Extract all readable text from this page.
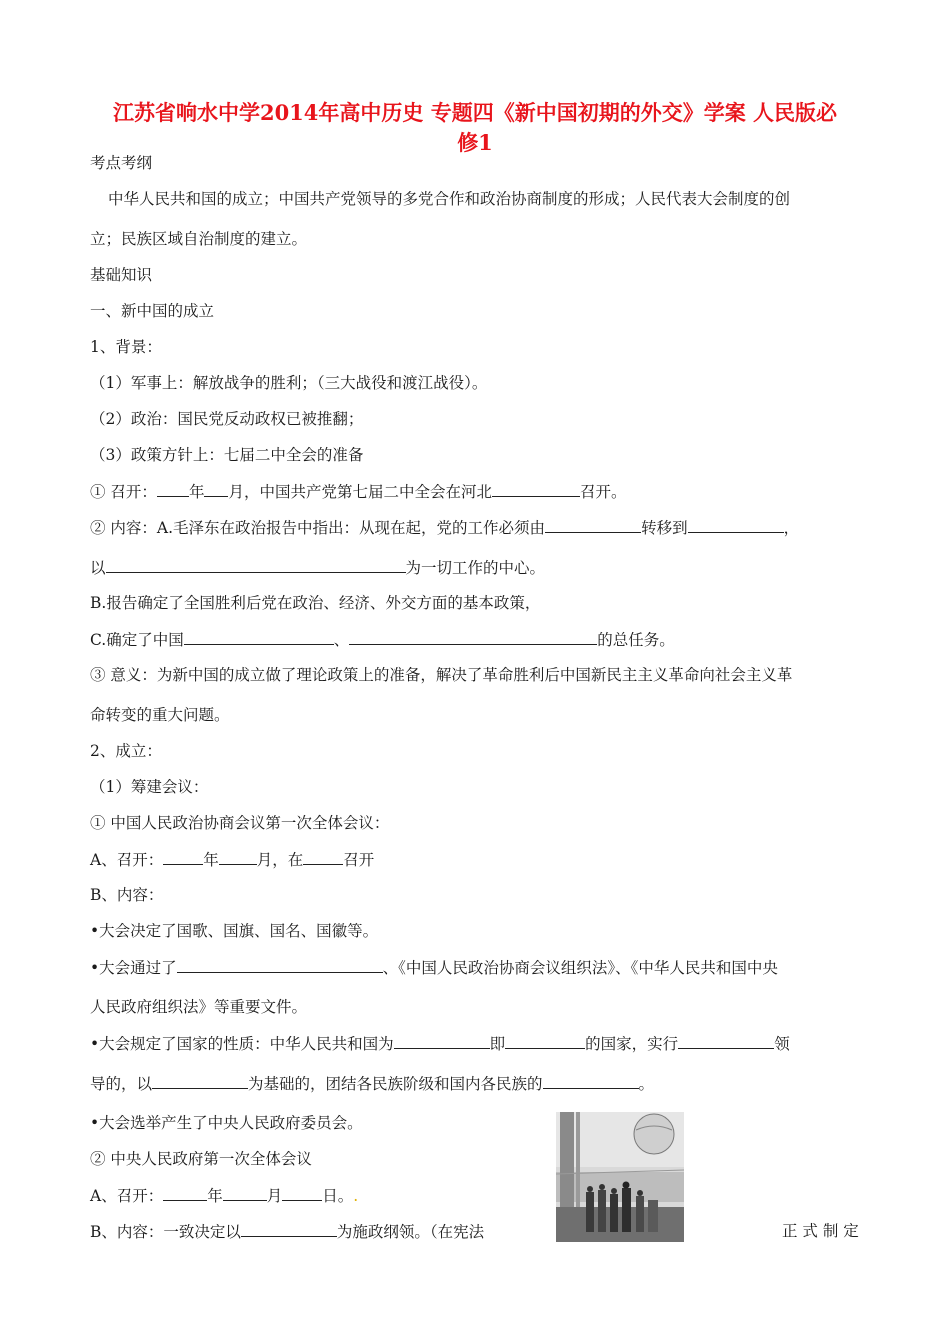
江苏省响水中学2014年高中历史 专题四《新中国初期的外交》学案 人民版必
修1
考点考纲
中华人民共和国的成立；中国共产党领导的多党合作和政治协商制度的形成；人民代表大会制度的创
立；民族区域自治制度的建立。
基础知识
一、新中国的成立
1、背景：
（1）军事上：解放战争的胜利；（三大战役和渡江战役）。
（2）政治：国民党反动政权已被推翻；
（3）政策方针上：七届二中全会的准备
① 召开： 年 月，中国共产党第七届二中全会在河北	召开。
② 内容：A.毛泽东在政治报告中指出：从现在起，党的工作必须由	转移到	，
以	为一切工作的中心。
B.报告确定了全国胜利后党在政治、经济、外交方面的基本政策，
C.确定了中国	、	的总任务。
③ 意义：为新中国的成立做了理论政策上的准备，解决了革命胜利后中国新民主主义革命向社会主义革
命转变的重大问题。
2、成立：
（1）筹建会议：
① 中国人民政治协商会议第一次全体会议：
A、召开：	年 月，在	召开
B、内容：
•大会决定了国歌、国旗、国名、国徽等。
•大会通过了	、《中国人民政治协商会议组织法》、《中华人民共和国中央
人民政府组织法》等重要文件。
•大会规定了国家的性质：中华人民共和国为	即	的国家，实行	领
导的，以	为基础的，团结各民族阶级和国内各民族的	。
•大会选举产生了中央人民政府委员会。
② 中央人民政府第一次全体会议
A、召开：	年	月	日。.
B、内容：一致决定以	为施政纲领。（在宪法	正 式 制 定
